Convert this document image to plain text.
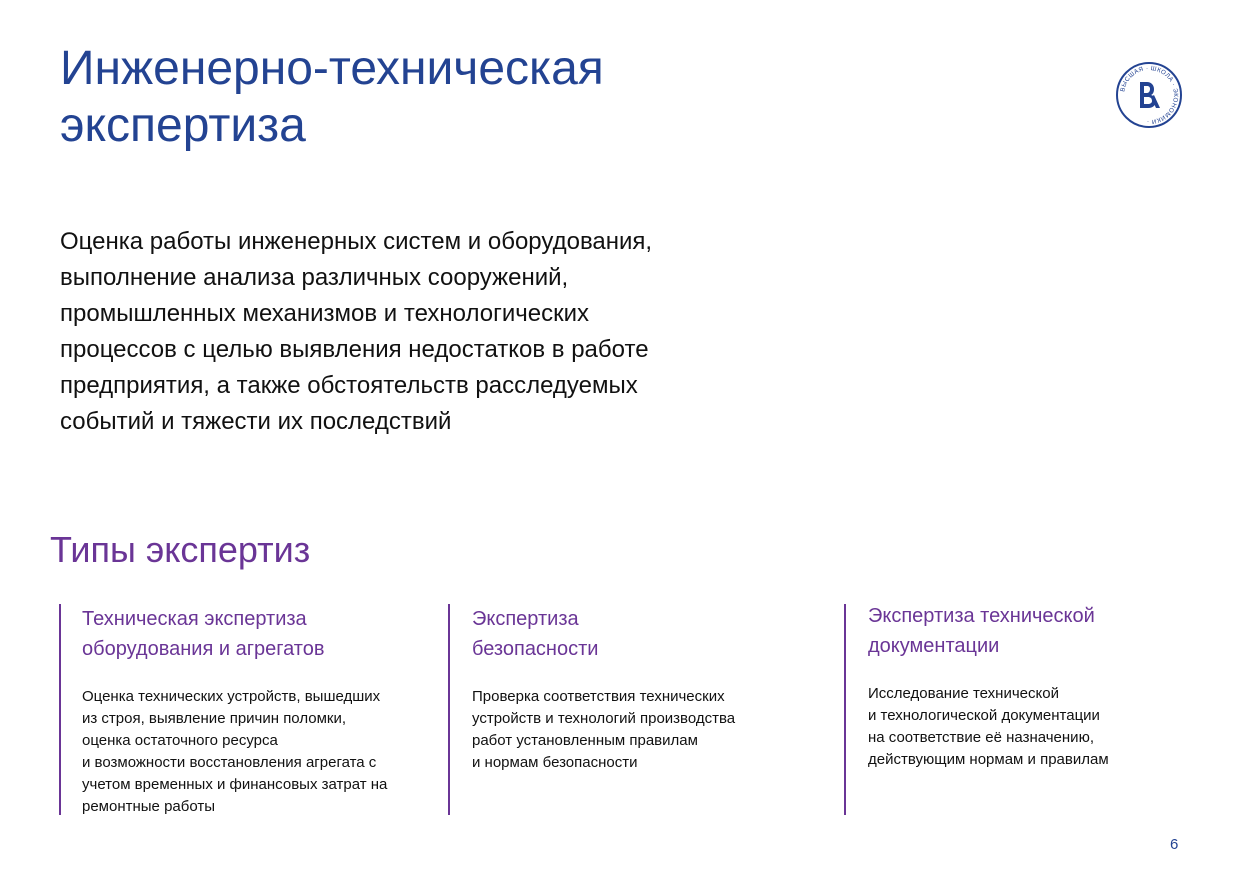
Инженерно-техническая
экспертиза
ВЫСШАЯ · ШКОЛА · ЭКОНОМИКИ ·

Оценка работы инженерных систем и оборудования,
выполнение анализа различных сооружений,
промышленных механизмов и технологических
процессов с целью выявления недостатков в работе
предприятия, а также обстоятельств расследуемых
событий и тяжести их последствий

Типы экспертиз
Техническая экспертиза
оборудования и агрегатов

Оценка технических устройств, вышедших
из строя, выявление причин поломки,
оценка остаточного ресурса
и возможности восстановления агрегата с
учетом временных и финансовых затрат на
ремонтные работы

Экспертиза
безопасности

Проверка соответствия технических
устройств и технологий производства
работ установленным правилам
и нормам безопасности

Экспертиза технической
документации

Исследование технической
и технологической документации
на соответствие её назначению,
действующим нормам и правилам

6
